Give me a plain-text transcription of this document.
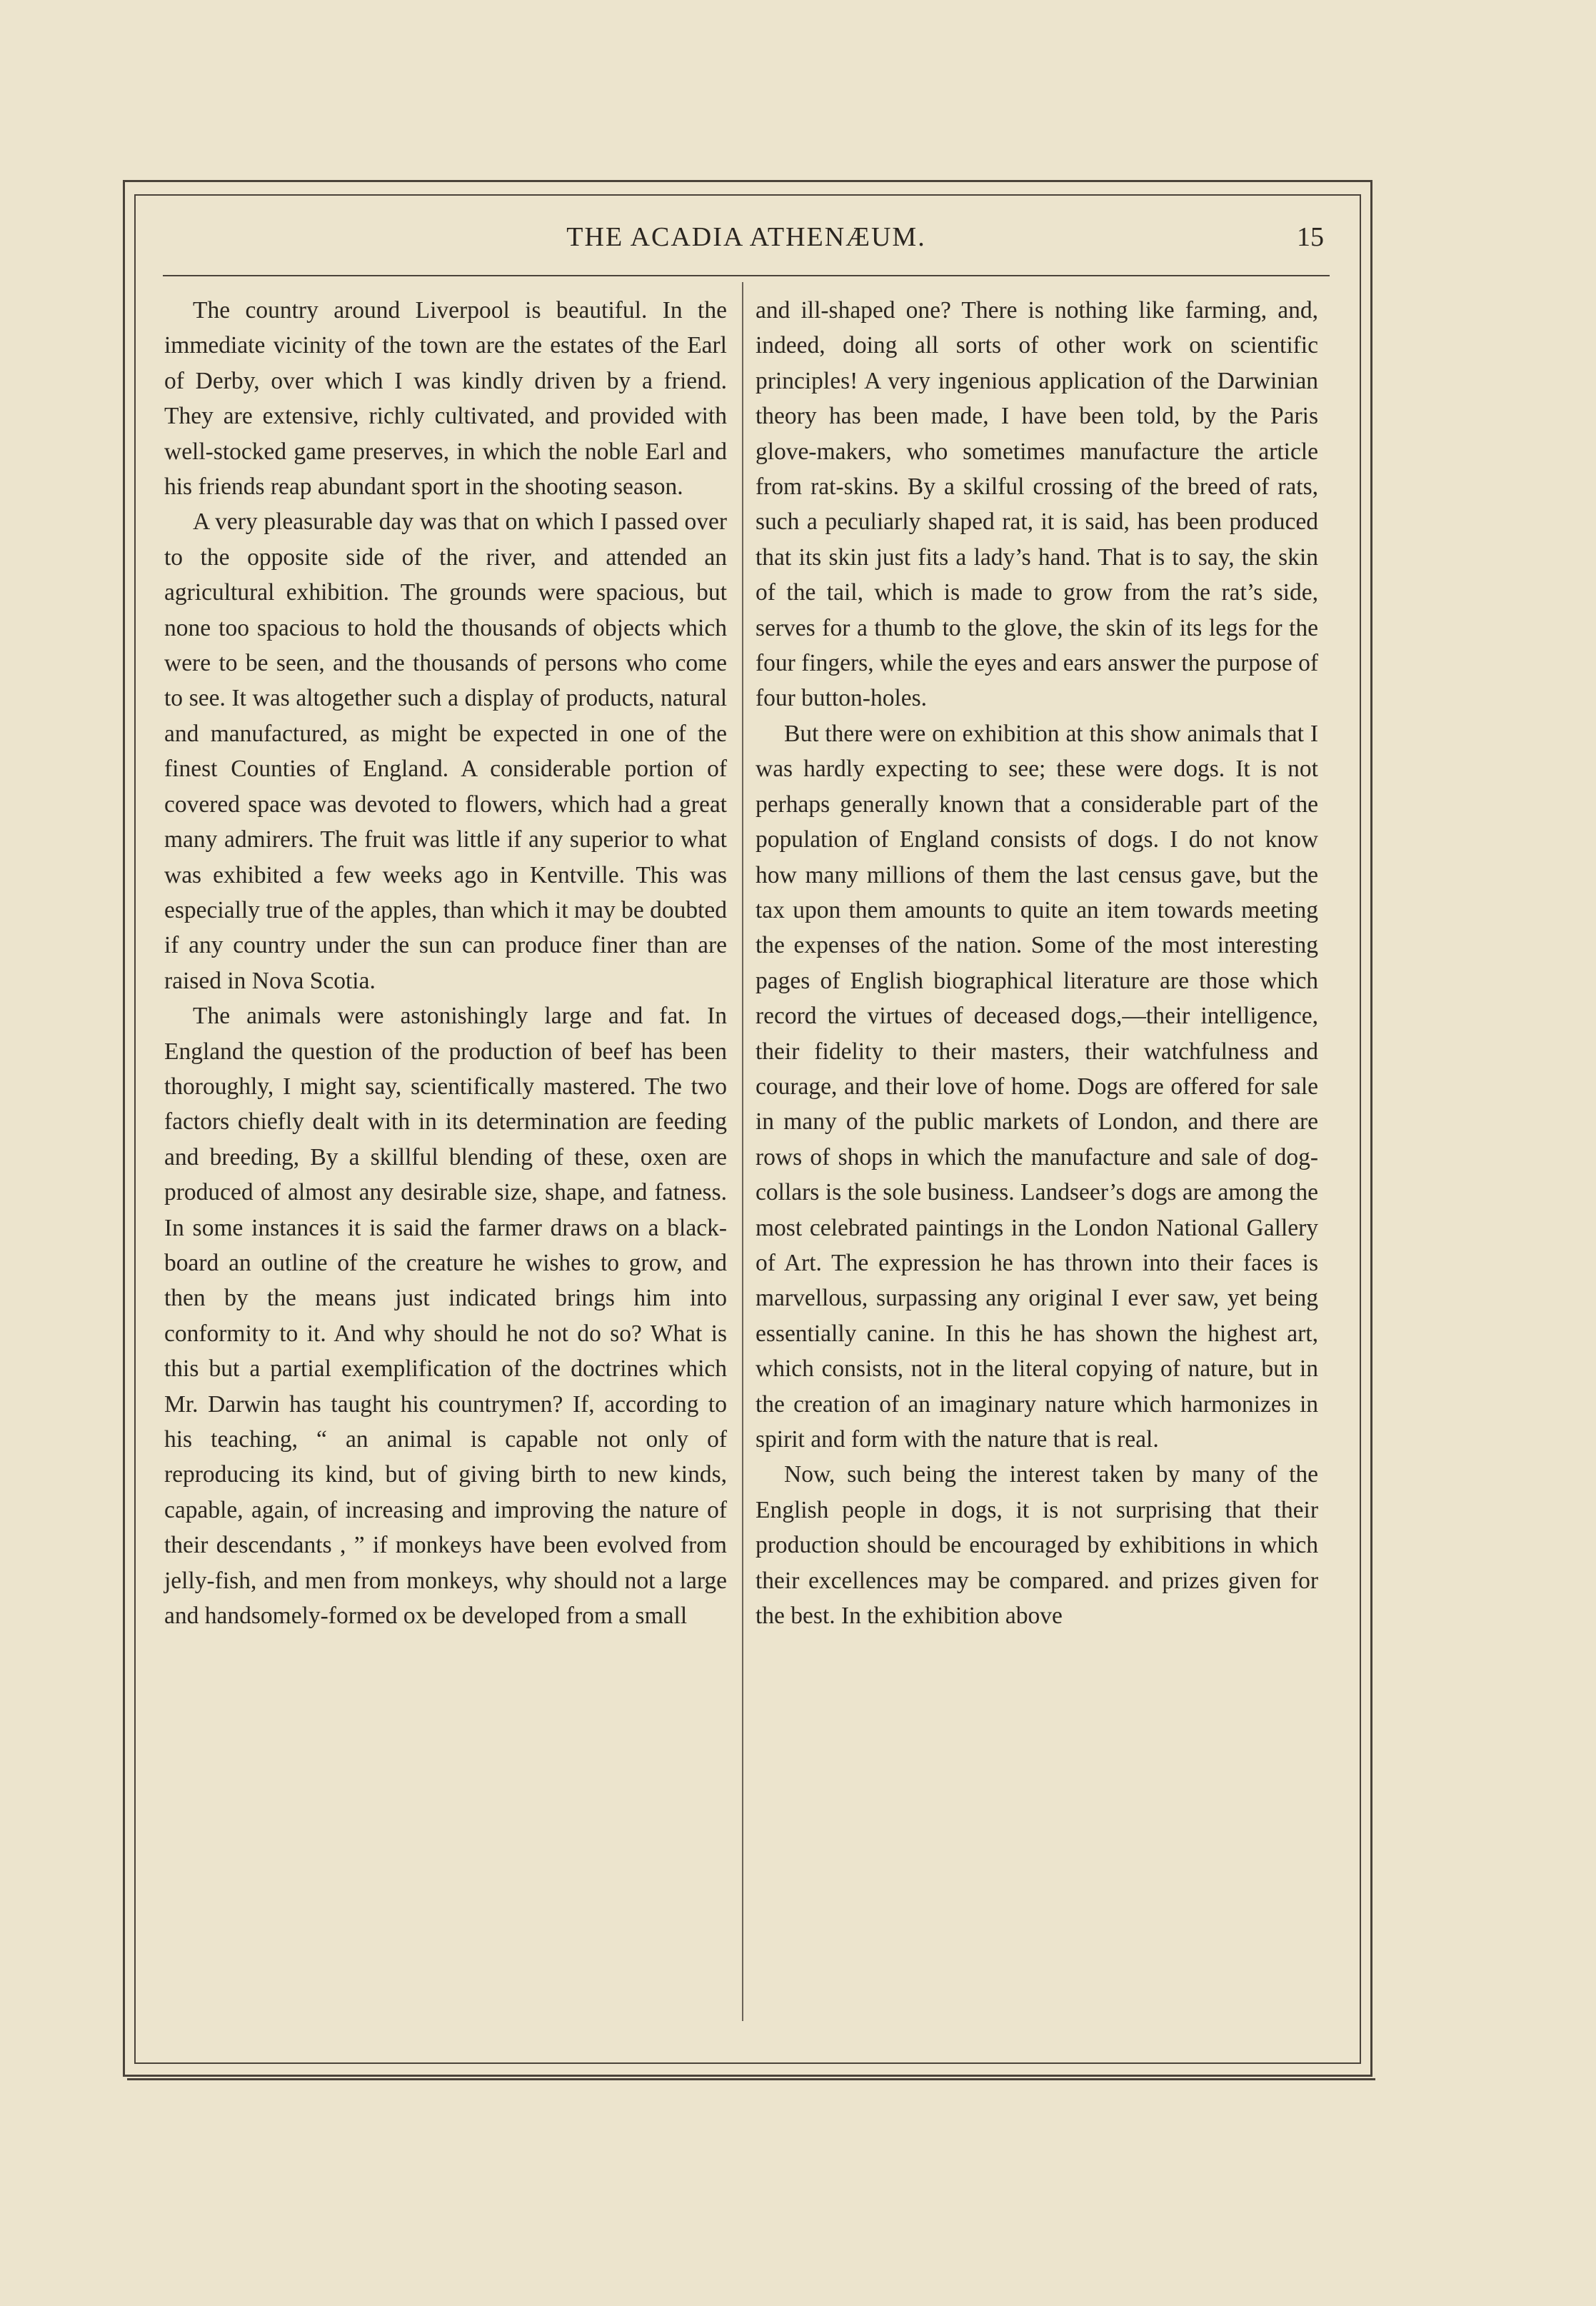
THE ACADIA ATHENÆUM.	15

The country around Liverpool is beautiful. In the immediate vicinity of the town are the estates of the Earl of Derby, over which I was kindly driven by a friend. They are extensive, richly cultivated, and provided with well-stocked game preserves, in which the noble Earl and his friends reap abundant sport in the shooting season.

A very pleasurable day was that on which I passed over to the opposite side of the river, and attended an agricultural exhibition. The grounds were spacious, but none too spacious to hold the thousands of objects which were to be seen, and the thousands of persons who come to see. It was altogether such a display of products, natural and manufactured, as might be expected in one of the finest Counties of England. A considerable portion of covered space was devoted to flowers, which had a great many admirers. The fruit was little if any superior to what was exhibited a few weeks ago in Kentville. This was especially true of the apples, than which it may be doubted if any country under the sun can produce finer than are raised in Nova Scotia.

The animals were astonishingly large and fat. In England the question of the production of beef has been thoroughly, I might say, scientifically mastered. The two factors chiefly dealt with in its determination are feeding and breeding, By a skillful blending of these, oxen are produced of almost any desirable size, shape, and fatness. In some instances it is said the farmer draws on a black-board an outline of the creature he wishes to grow, and then by the means just indicated brings him into conformity to it. And why should he not do so? What is this but a partial exemplification of the doctrines which Mr. Darwin has taught his countrymen? If, according to his teaching, “ an animal is capable not only of reproducing its kind, but of giving birth to new kinds, capable, again, of increasing and improving the nature of their descendants , ” if monkeys have been evolved from jelly-fish, and men from monkeys, why should not a large and handsomely-formed ox be developed from a small

and ill-shaped one? There is nothing like farming, and, indeed, doing all sorts of other work on scientific principles! A very ingenious application of the Darwinian theory has been made, I have been told, by the Paris glove-makers, who sometimes manufacture the article from rat-skins. By a skilful crossing of the breed of rats, such a peculiarly shaped rat, it is said, has been produced that its skin just fits a lady’s hand. That is to say, the skin of the tail, which is made to grow from the rat’s side, serves for a thumb to the glove, the skin of its legs for the four fingers, while the eyes and ears answer the purpose of four button-holes.

But there were on exhibition at this show animals that I was hardly expecting to see; these were dogs. It is not perhaps generally known that a considerable part of the population of England consists of dogs. I do not know how many millions of them the last census gave, but the tax upon them amounts to quite an item towards meeting the expenses of the nation. Some of the most interesting pages of English biographical literature are those which record the virtues of deceased dogs,—their intelligence, their fidelity to their masters, their watchfulness and courage, and their love of home. Dogs are offered for sale in many of the public markets of London, and there are rows of shops in which the manufacture and sale of dog-collars is the sole business. Landseer’s dogs are among the most celebrated paintings in the London National Gallery of Art. The expression he has thrown into their faces is marvellous, surpassing any original I ever saw, yet being essentially canine. In this he has shown the highest art, which consists, not in the literal copying of nature, but in the creation of an imaginary nature which harmonizes in spirit and form with the nature that is real.

Now, such being the interest taken by many of the English people in dogs, it is not surprising that their production should be encouraged by exhibitions in which their excellences may be compared. and prizes given for the best. In the exhibition above
